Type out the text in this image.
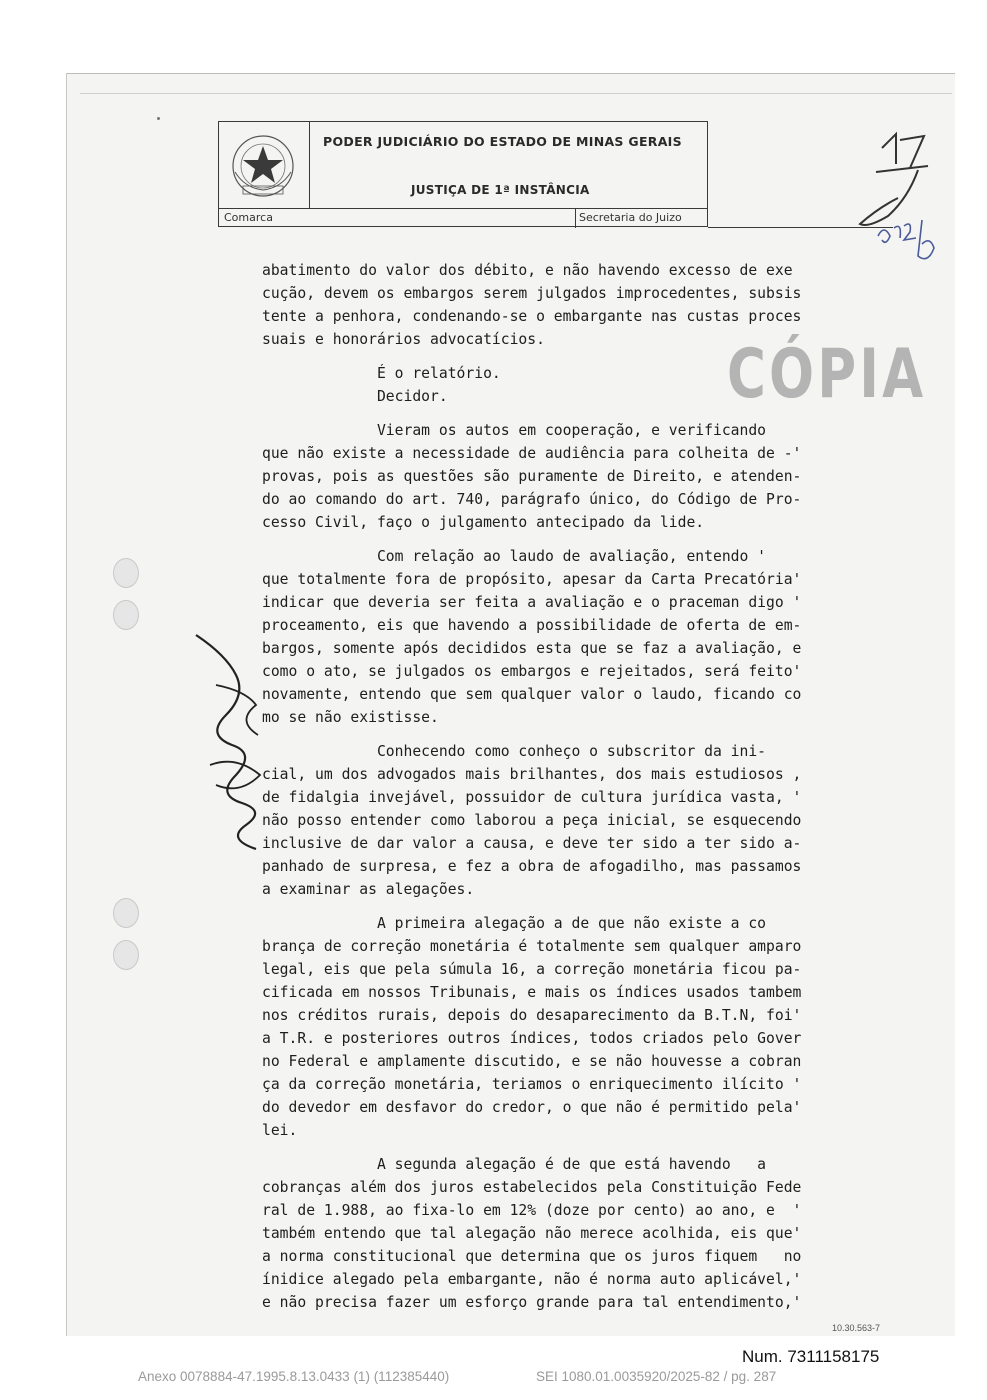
PODER JUDICIÁRIO DO ESTADO DE MINAS GERAIS
JUSTIÇA DE 1ª INSTÂNCIA
Comarca	Secretaria do Juizo
CÓPIA
abatimento do valor dos débito, e não havendo excesso de exe
cução, devem os embargos serem julgados improcedentes, subsis
tente a penhora, condenando-se o embargante nas custas proces
suais e honorários advocatícios.
É o relatório.
Decidor.
Vieram os autos em cooperação, e verificando
que não existe a necessidade de audiência para colheita de -'
provas, pois as questões são puramente de Direito, e atenden-
do ao comando do art. 740, parágrafo único, do Código de Pro-
cesso Civil, faço o julgamento antecipado da lide.
Com relação ao laudo de avaliação, entendo '
que totalmente fora de propósito, apesar da Carta Precatória'
indicar que deveria ser feita a avaliação e o praceman digo '
proceamento, eis que havendo a possibilidade de oferta de em-
bargos, somente após decididos esta que se faz a avaliação, e
como o ato, se julgados os embargos e rejeitados, será feito'
novamente, entendo que sem qualquer valor o laudo, ficando co
mo se não existisse.
Conhecendo como conheço o subscritor da ini-
cial, um dos advogados mais brilhantes, dos mais estudiosos ,
de fidalgia invejável, possuidor de cultura jurídica vasta, '
não posso entender como laborou a peça inicial, se esquecendo
inclusive de dar valor a causa, e deve ter sido a ter sido a-
panhado de surpresa, e fez a obra de afogadilho, mas passamos
a examinar as alegações.
A primeira alegação a de que não existe a co
brança de correção monetária é totalmente sem qualquer amparo
legal, eis que pela súmula 16, a correção monetária ficou pa-
cificada em nossos Tribunais, e mais os índices usados tambem
nos créditos rurais, depois do desaparecimento da B.T.N, foi'
a T.R. e posteriores outros índices, todos criados pelo Gover
no Federal e amplamente discutido, e se não houvesse a cobran
ça da correção monetária, teriamos o enriquecimento ilícito '
do devedor em desfavor do credor, o que não é permitido pela'
lei.
A segunda alegação é de que está havendo   a
cobranças além dos juros estabelecidos pela Constituição Fede
ral de 1.988, ao fixa-lo em 12% (doze por cento) ao ano, e  '
também entendo que tal alegação não merece acolhida, eis que'
a norma constitucional que determina que os juros fiquem   no
ínidice alegado pela embargante, não é norma auto aplicável,'
e não precisa fazer um esforço grande para tal entendimento,'
10.30.563-7
Num. 7311158175
Anexo 0078884-47.1995.8.13.0433 (1) (112385440)	SEI 1080.01.0035920/2025-82 / pg. 287
